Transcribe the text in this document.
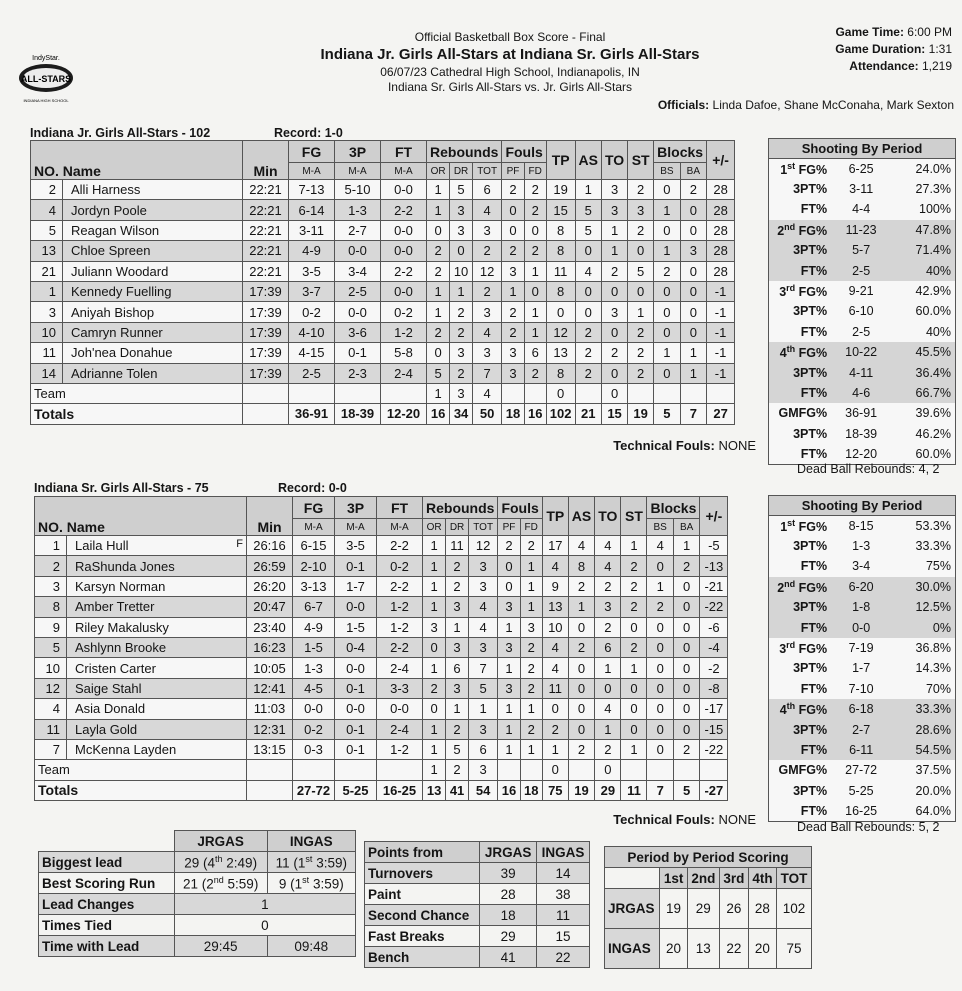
IndyStar.
ALL-STARS
INDIANA HIGH SCHOOL
Official Basketball Box Score - Final
Indiana Jr. Girls All-Stars at Indiana Sr. Girls All-Stars
06/07/23 Cathedral High School, Indianapolis, IN
Indiana Sr. Girls All-Stars vs. Jr. Girls All-Stars
Game Time: 6:00 PM
Game Duration: 1:31
Attendance: 1,219
Officials: Linda Dafoe, Shane McConaha, Mark Sexton
Indiana Jr. Girls All-Stars - 102	Record: 1-0
NO. Name		Min	FG	3P	FT	Rebounds			Fouls		TP	AS	TO	ST	Blocks		+/-
			M-A	M-A	M-A	OR	DR	TOT	PF	FD					BS	BA	
2	Alli Harness	22:21	7-13	5-10	0-0	1	5	6	2	2	19	1	3	2	0	2	28
4	Jordyn Poole	22:21	6-14	1-3	2-2	1	3	4	0	2	15	5	3	3	1	0	28
5	Reagan Wilson	22:21	3-11	2-7	0-0	0	3	3	0	0	8	5	1	2	0	0	28
13	Chloe Spreen	22:21	4-9	0-0	0-0	2	0	2	2	2	8	0	1	0	1	3	28
21	Juliann Woodard	22:21	3-5	3-4	2-2	2	10	12	3	1	11	4	2	5	2	0	28
1	Kennedy Fuelling	17:39	3-7	2-5	0-0	1	1	2	1	0	8	0	0	0	0	0	-1
3	Aniyah Bishop	17:39	0-2	0-0	0-2	1	2	3	2	1	0	0	3	1	0	0	-1
10	Camryn Runner	17:39	4-10	3-6	1-2	2	2	4	2	1	12	2	0	2	0	0	-1
11	Joh'nea Donahue	17:39	4-15	0-1	5-8	0	3	3	3	6	13	2	2	2	1	1	-1
14	Adrianne Tolen	17:39	2-5	2-3	2-4	5	2	7	3	2	8	2	0	2	0	1	-1
Team						1	3	4			0		0				
Totals			36-91	18-39	12-20	16	34	50	18	16	102	21	15	19	5	7	27
Technical Fouls: NONE
Shooting By Period		
1st FG%	6-25	24.0%
3PT%	3-11	27.3%
FT%	4-4	100%
2nd FG%	11-23	47.8%
3PT%	5-7	71.4%
FT%	2-5	40%
3rd FG%	9-21	42.9%
3PT%	6-10	60.0%
FT%	2-5	40%
4th FG%	10-22	45.5%
3PT%	4-11	36.4%
FT%	4-6	66.7%
GMFG%	36-91	39.6%
3PT%	18-39	46.2%
FT%	12-20	60.0%
Dead Ball Rebounds: 4, 2
Indiana Sr. Girls All-Stars - 75	Record: 0-0
NO. Name		Min	FG	3P	FT	Rebounds			Fouls		TP	AS	TO	ST	Blocks		+/-
			M-A	M-A	M-A	OR	DR	TOT	PF	FD					BS	BA	
1	Laila Hull F	26:16	6-15	3-5	2-2	1	11	12	2	2	17	4	4	1	4	1	-5
2	RaShunda Jones	26:59	2-10	0-1	0-2	1	2	3	0	1	4	8	4	2	0	2	-13
3	Karsyn Norman	26:20	3-13	1-7	2-2	1	2	3	0	1	9	2	2	2	1	0	-21
8	Amber Tretter	20:47	6-7	0-0	1-2	1	3	4	3	1	13	1	3	2	2	0	-22
9	Riley Makalusky	23:40	4-9	1-5	1-2	3	1	4	1	3	10	0	2	0	0	0	-6
5	Ashlynn Brooke	16:23	1-5	0-4	2-2	0	3	3	3	2	4	2	6	2	0	0	-4
10	Cristen Carter	10:05	1-3	0-0	2-4	1	6	7	1	2	4	0	1	1	0	0	-2
12	Saige Stahl	12:41	4-5	0-1	3-3	2	3	5	3	2	11	0	0	0	0	0	-8
4	Asia Donald	11:03	0-0	0-0	0-0	0	1	1	1	1	0	0	4	0	0	0	-17
11	Layla Gold	12:31	0-2	0-1	2-4	1	2	3	1	2	2	0	1	0	0	0	-15
7	McKenna Layden	13:15	0-3	0-1	1-2	1	5	6	1	1	1	2	2	1	0	2	-22
Team						1	2	3			0		0				
Totals			27-72	5-25	16-25	13	41	54	16	18	75	19	29	11	7	5	-27
Technical Fouls: NONE
Shooting By Period		
1st FG%	8-15	53.3%
3PT%	1-3	33.3%
FT%	3-4	75%
2nd FG%	6-20	30.0%
3PT%	1-8	12.5%
FT%	0-0	0%
3rd FG%	7-19	36.8%
3PT%	1-7	14.3%
FT%	7-10	70%
4th FG%	6-18	33.3%
3PT%	2-7	28.6%
FT%	6-11	54.5%
GMFG%	27-72	37.5%
3PT%	5-25	20.0%
FT%	16-25	64.0%
Dead Ball Rebounds: 5, 2
	JRGAS	INGAS
Biggest lead	29 (4th 2:49)	11 (1st 3:59)
Best Scoring Run	21 (2nd 5:59)	9 (1st 3:59)
Lead Changes	1	
Times Tied	0	
Time with Lead	29:45	09:48
Points from	JRGAS	INGAS
Turnovers	39	14
Paint	28	38
Second Chance	18	11
Fast Breaks	29	15
Bench	41	22
Period by Period Scoring					
	1st	2nd	3rd	4th	TOT
JRGAS	19	29	26	28	102
INGAS	20	13	22	20	75
